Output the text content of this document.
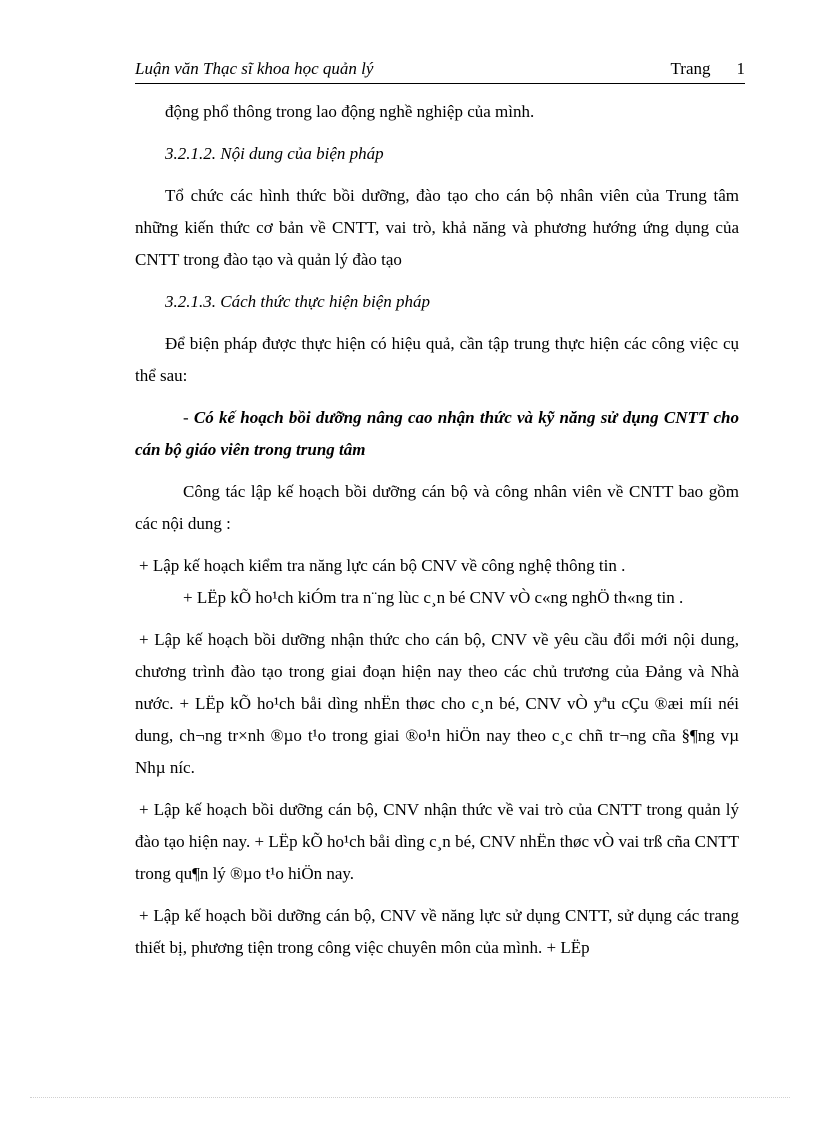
Luận văn Thạc sĩ khoa học quản lý	Trang 1

động phổ thông trong lao động nghề nghiệp của mình.

3.2.1.2. Nội dung của biện pháp

Tổ chức các hình thức bồi dưỡng, đào tạo cho cán bộ nhân viên của Trung tâm những kiến thức cơ bản về CNTT, vai trò, khả năng và phương hướng ứng dụng của CNTT trong đào tạo và quản lý đào tạo

3.2.1.3. Cách thức thực hiện biện pháp

Để biện pháp được thực hiện có hiệu quả, cần tập trung thực hiện các công việc cụ thể sau:

- Có kế hoạch bồi dưỡng nâng cao nhận thức và kỹ năng sử dụng CNTT cho cán bộ giáo viên trong trung tâm

Công tác lập kế hoạch bồi dưỡng cán bộ và công nhân viên về CNTT bao gồm các nội dung :

+ Lập kế hoạch kiểm tra năng lực cán bộ CNV về công nghệ thông tin .

+ LËp kÕ ho¹ch kiÓm tra n¨ng lùc c¸n bé CNV vÒ c«ng nghÖ th«ng tin .

+ Lập kế hoạch bồi dưỡng nhận thức cho cán bộ, CNV về yêu cầu đổi mới nội dung, chương trình đào tạo trong giai đoạn hiện nay theo các chủ trương của Đảng và Nhà nước. + LËp kÕ ho¹ch båi dìng nhËn thøc cho c¸n bé, CNV vÒ yªu cÇu ®æi míi néi dung, ch¬ng tr×nh ®µo t¹o trong giai ®o¹n hiÖn nay theo c¸c chñ tr¬ng cña §¶ng vµ Nhµ níc.

+ Lập kế hoạch bồi dưỡng cán bộ, CNV nhận thức về vai trò của CNTT trong quản lý đào tạo hiện nay. + LËp kÕ ho¹ch båi dìng c¸n bé, CNV nhËn thøc vÒ vai trß cña CNTT trong qu¶n lý ®µo t¹o hiÖn nay.

+ Lập kế hoạch bồi dưỡng cán bộ, CNV về năng lực sử dụng CNTT, sử dụng các trang thiết bị, phương tiện trong công việc chuyên môn của mình. + LËp
